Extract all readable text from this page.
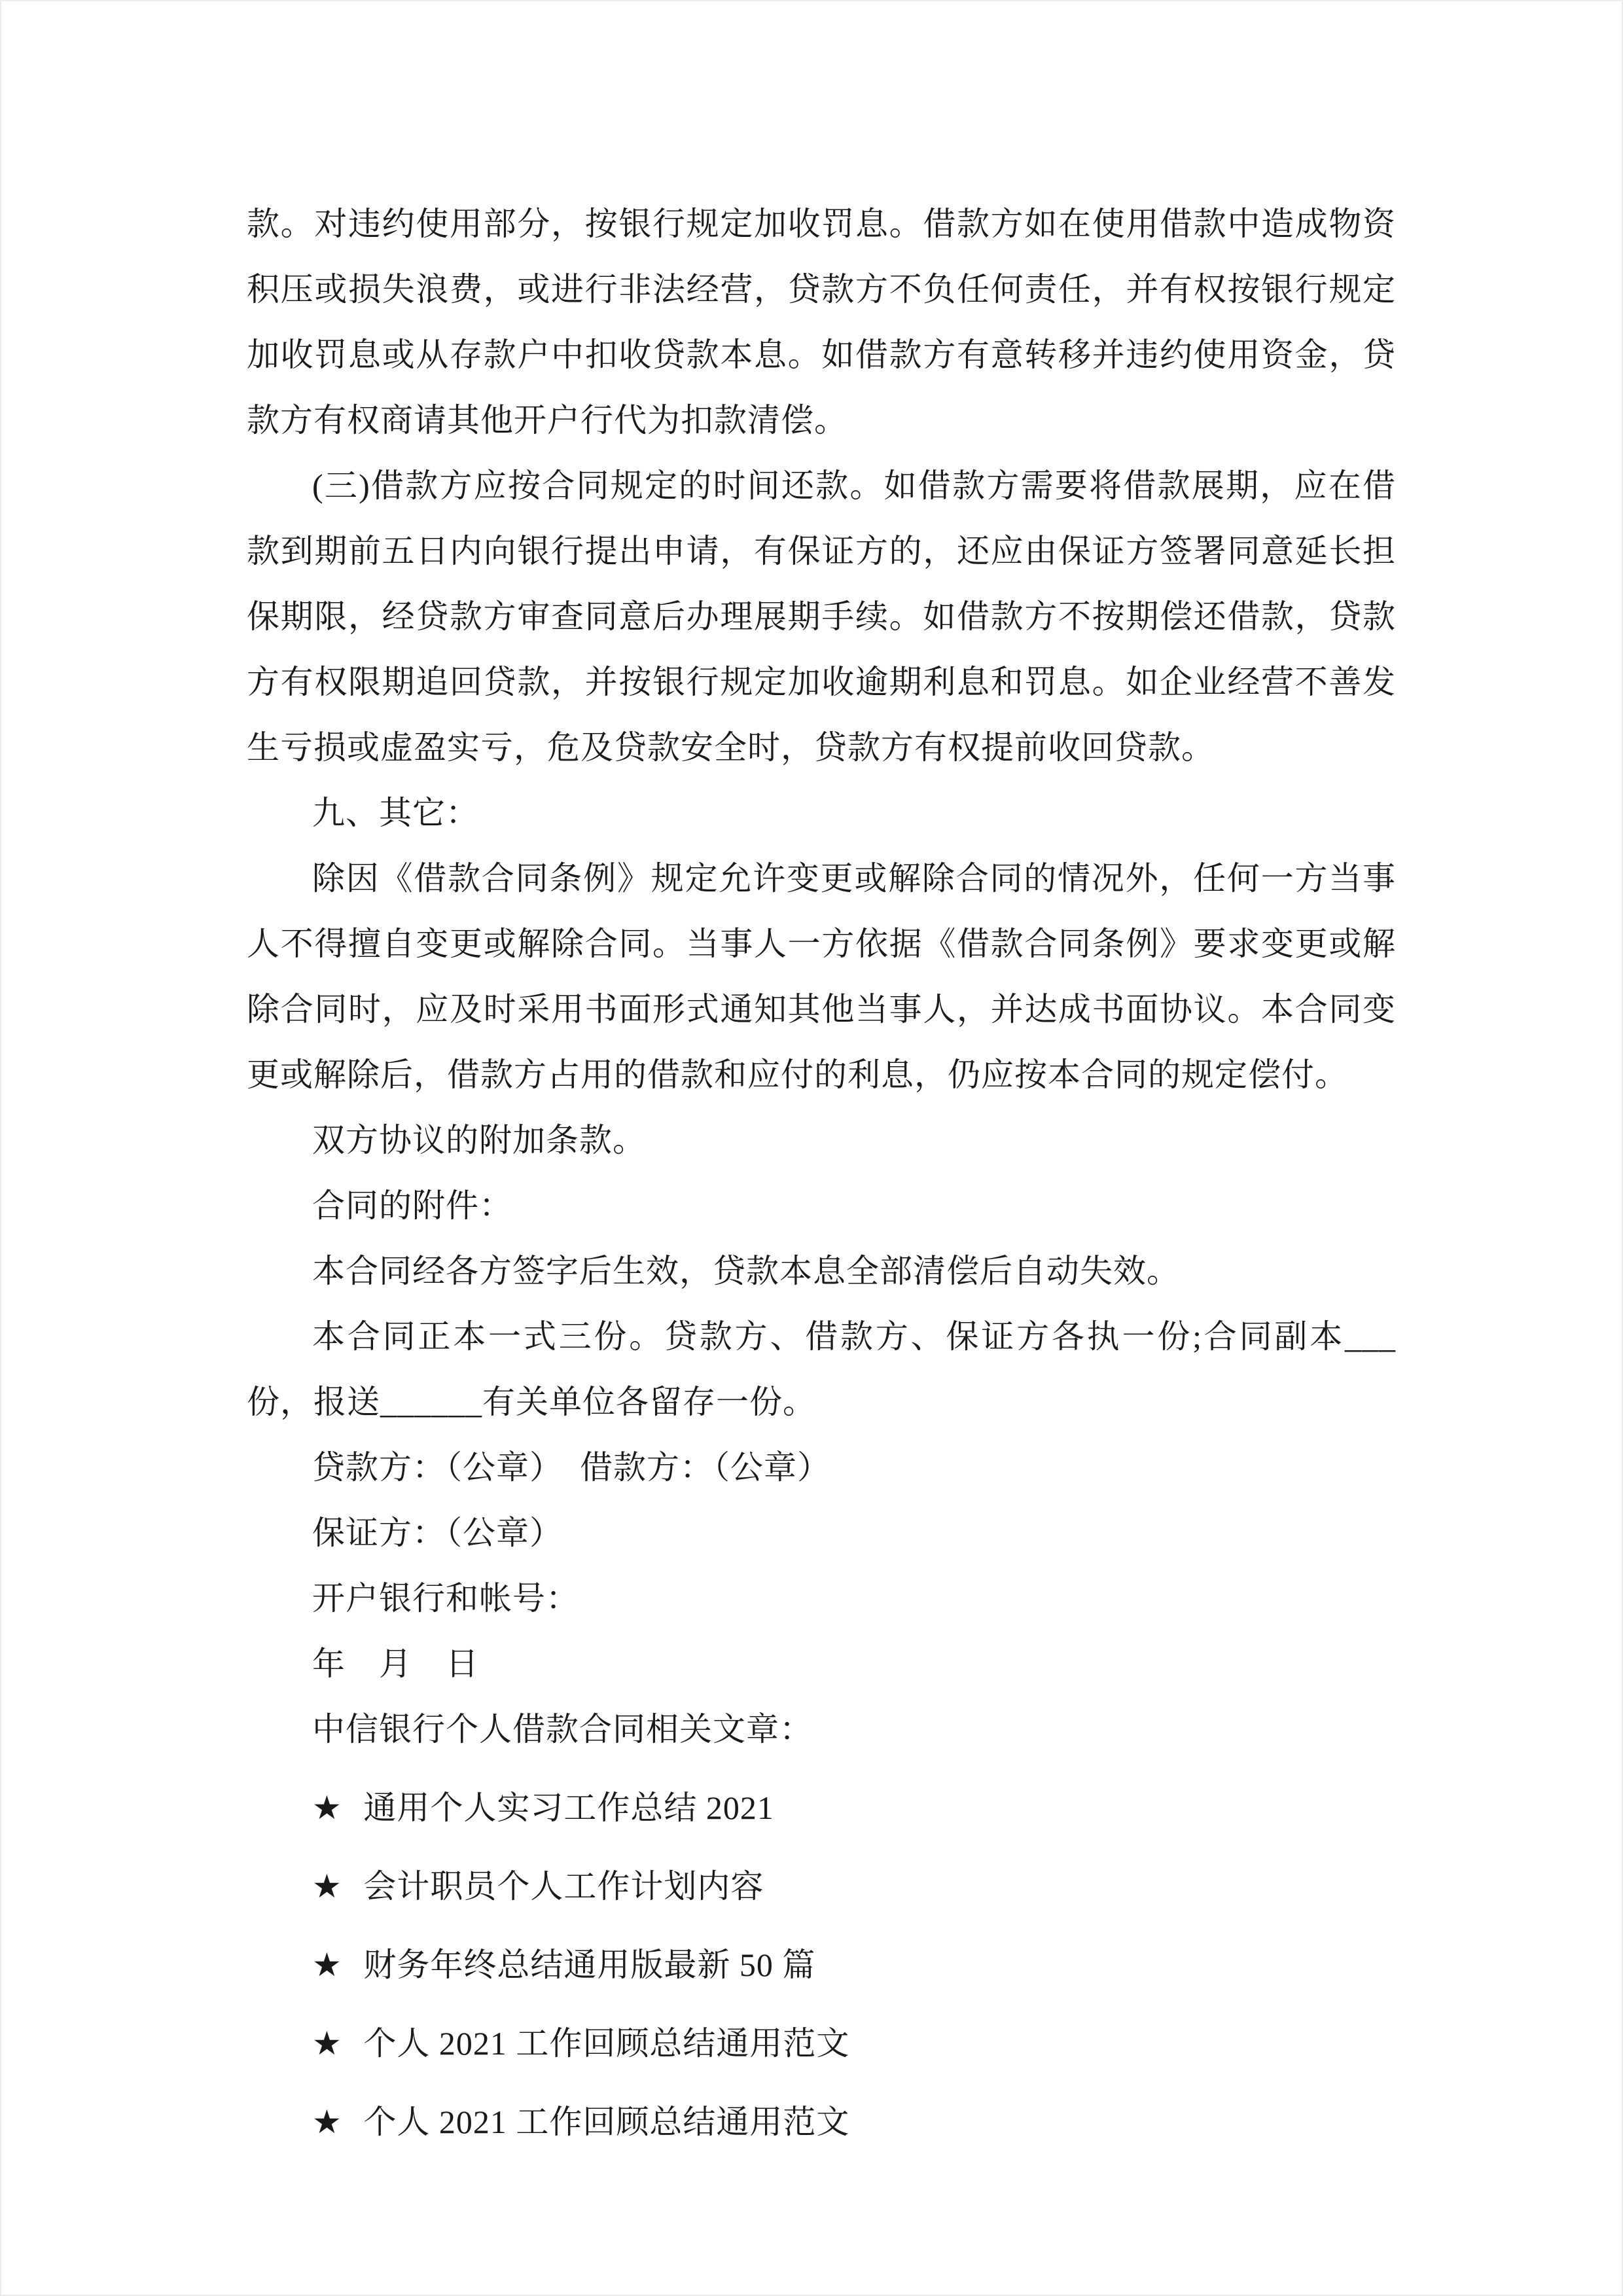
款。对违约使用部分，按银行规定加收罚息。借款方如在使用借款中造成物资积压或损失浪费，或进行非法经营，贷款方不负任何责任，并有权按银行规定加收罚息或从存款户中扣收贷款本息。如借款方有意转移并违约使用资金，贷款方有权商请其他开户行代为扣款清偿。

(三)借款方应按合同规定的时间还款。如借款方需要将借款展期，应在借款到期前五日内向银行提出申请，有保证方的，还应由保证方签署同意延长担保期限，经贷款方审查同意后办理展期手续。如借款方不按期偿还借款，贷款方有权限期追回贷款，并按银行规定加收逾期利息和罚息。如企业经营不善发生亏损或虚盈实亏，危及贷款安全时，贷款方有权提前收回贷款。

九、其它：

除因《借款合同条例》规定允许变更或解除合同的情况外，任何一方当事人不得擅自变更或解除合同。当事人一方依据《借款合同条例》要求变更或解除合同时，应及时采用书面形式通知其他当事人，并达成书面协议。本合同变更或解除后，借款方占用的借款和应付的利息，仍应按本合同的规定偿付。

双方协议的附加条款。

合同的附件：

本合同经各方签字后生效，贷款本息全部清偿后自动失效。

本合同正本一式三份。贷款方、借款方、保证方各执一份;合同副本___份，报送______有关单位各留存一份。

贷款方：（公章）　借款方：（公章）

保证方：（公章）

开户银行和帐号：

年　月　日

中信银行个人借款合同相关文章：

★ 通用个人实习工作总结 2021

★ 会计职员个人工作计划内容

★ 财务年终总结通用版最新 50 篇

★ 个人 2021 工作回顾总结通用范文

★ 个人 2021 工作回顾总结通用范文
